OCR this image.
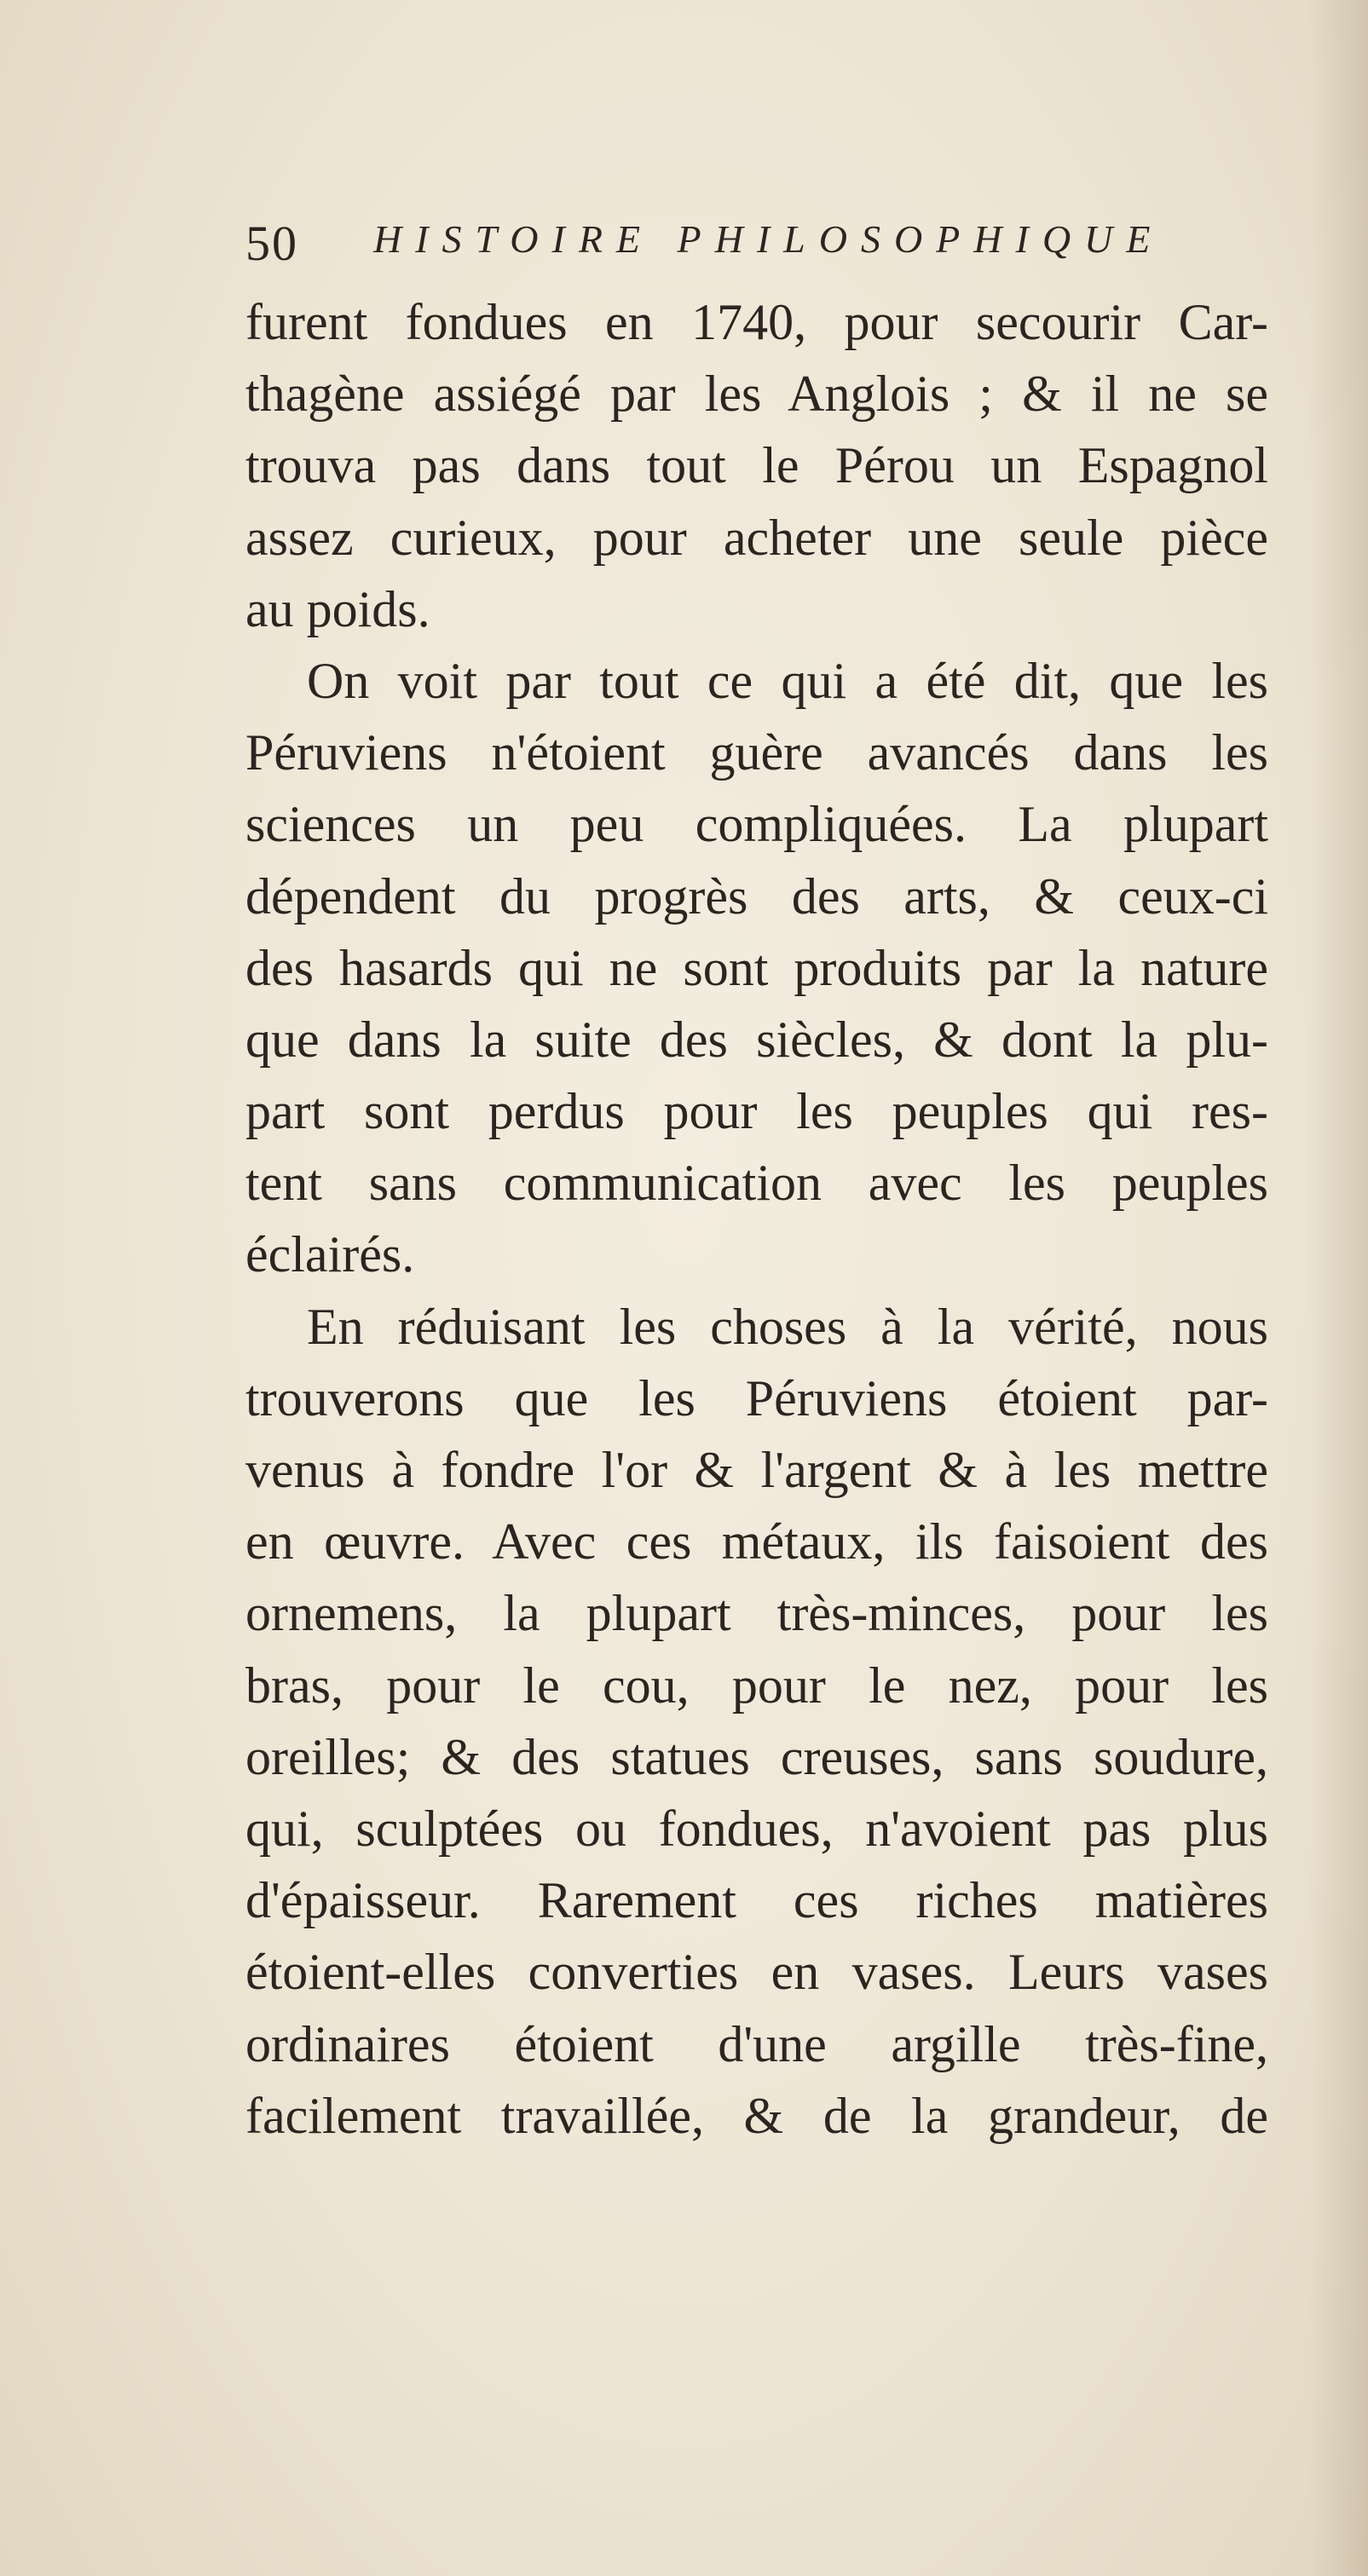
50 HISTOIRE PHILOSOPHIQUE
furent fondues en 1740, pour secourir Car-
thagène assiégé par les Anglois ; & il ne se
trouva pas dans tout le Pérou un Espagnol
assez curieux, pour acheter une seule pièce
au poids.
On voit par tout ce qui a été dit, que les
Péruviens n'étoient guère avancés dans les
sciences un peu compliquées. La plupart
dépendent du progrès des arts, & ceux-ci
des hasards qui ne sont produits par la nature
que dans la suite des siècles, & dont la plu-
part sont perdus pour les peuples qui res-
tent sans communication avec les peuples
éclairés.
En réduisant les choses à la vérité, nous
trouverons que les Péruviens étoient par-
venus à fondre l'or & l'argent & à les mettre
en œuvre. Avec ces métaux, ils faisoient des
ornemens, la plupart très-minces, pour les
bras, pour le cou, pour le nez, pour les
oreilles; & des statues creuses, sans soudure,
qui, sculptées ou fondues, n'avoient pas plus
d'épaisseur. Rarement ces riches matières
étoient-elles converties en vases. Leurs vases
ordinaires étoient d'une argille très-fine,
facilement travaillée, & de la grandeur, de
